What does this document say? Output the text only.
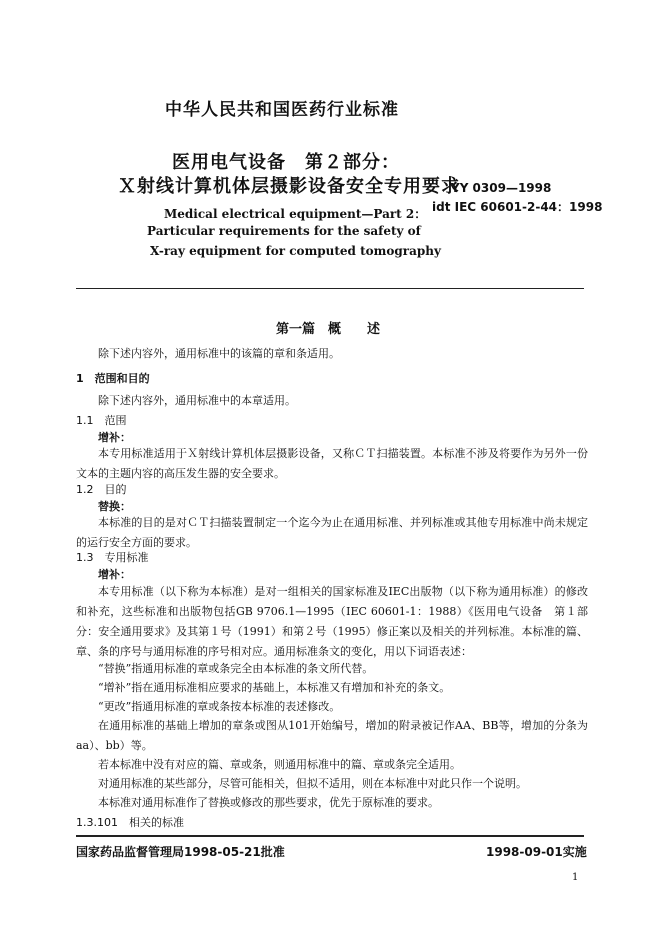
中华人民共和国医药行业标准
医用电气设备　第２部分：
Ｘ射线计算机体层摄影设备安全专用要求
YY 0309—1998
idt IEC 60601-2-44：1998
Medical electrical equipment—Part 2：
Particular requirements for the safety of
X-ray equipment for computed tomography
第一篇　概　　述
除下述内容外，通用标准中的该篇的章和条适用。
1　范围和目的
除下述内容外，通用标准中的本章适用。
1.1　范围
增补：
本专用标准适用于Ｘ射线计算机体层摄影设备，又称ＣＴ扫描装置。本标准不涉及将要作为另外一份文本的主题内容的高压发生器的安全要求。
1.2　目的
替换：
本标准的目的是对ＣＴ扫描装置制定一个迄今为止在通用标准、并列标准或其他专用标准中尚未规定的运行安全方面的要求。
1.3　专用标准
增补：
本专用标准（以下称为本标准）是对一组相关的国家标准及IEC出版物（以下称为通用标准）的修改和补充，这些标准和出版物包括GB 9706.1—1995（IEC 60601-1：1988）《医用电气设备　第１部分：安全通用要求》及其第１号（1991）和第２号（1995）修正案以及相关的并列标准。本标准的篇、章、条的序号与通用标准的序号相对应。通用标准条文的变化，用以下词语表述：
“替换”指通用标准的章或条完全由本标准的条文所代替。
“增补”指在通用标准相应要求的基础上，本标准又有增加和补充的条文。
“更改”指通用标准的章或条按本标准的表述修改。
在通用标准的基础上增加的章条或图从101开始编号，增加的附录被记作AA、BB等，增加的分条为aa）、bb）等。
若本标准中没有对应的篇、章或条，则通用标准中的篇、章或条完全适用。
对通用标准的某些部分，尽管可能相关，但拟不适用，则在本标准中对此只作一个说明。
本标准对通用标准作了替换或修改的那些要求，优先于原标准的要求。
1.3.101　相关的标准
国家药品监督管理局1998-05-21批准	1998-09-01实施
1
